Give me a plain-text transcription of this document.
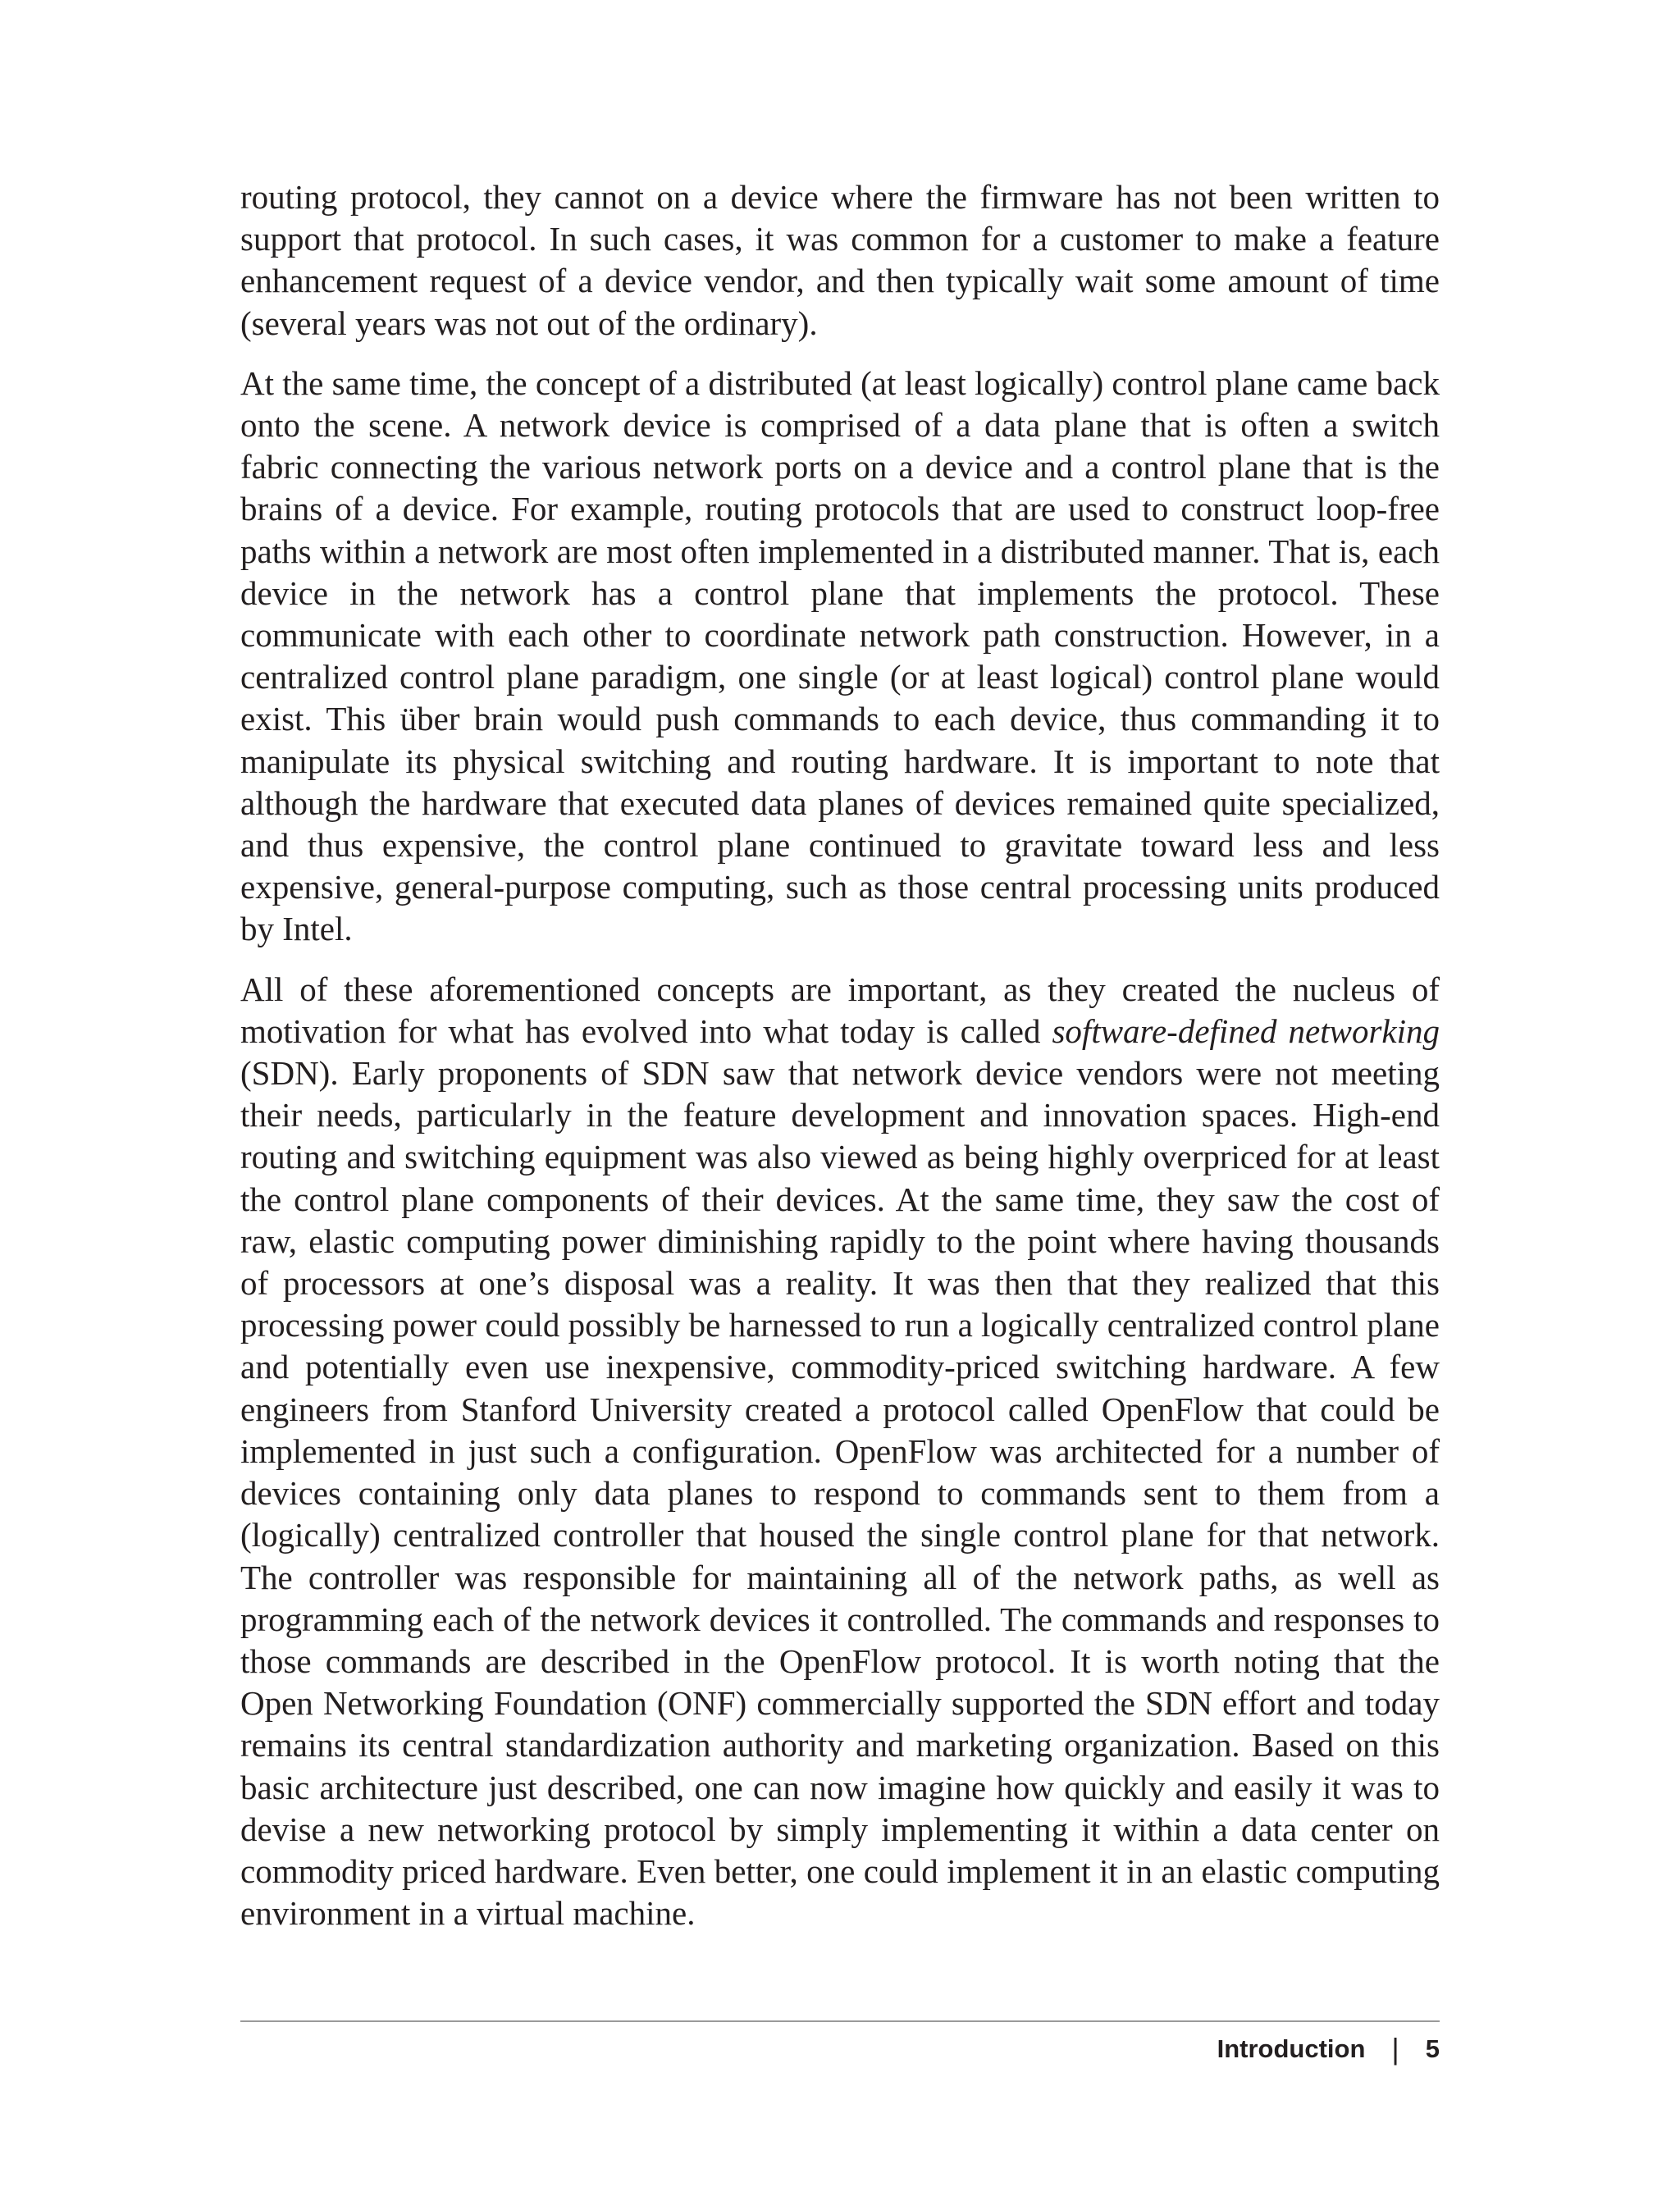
routing protocol, they cannot on a device where the firmware has not been written to support that protocol. In such cases, it was common for a customer to make a feature enhancement request of a device vendor, and then typically wait some amount of time (several years was not out of the ordinary).

At the same time, the concept of a distributed (at least logically) control plane came back onto the scene. A network device is comprised of a data plane that is often a switch fabric connecting the various network ports on a device and a control plane that is the brains of a device. For example, routing protocols that are used to construct loop-free paths within a network are most often implemented in a distributed manner. That is, each device in the network has a control plane that implements the protocol. These communicate with each other to coordinate network path construction. However, in a centralized control plane paradigm, one single (or at least logical) control plane would exist. This über brain would push commands to each device, thus commanding it to manipulate its physical switching and routing hardware. It is important to note that although the hardware that executed data planes of devices remained quite specialized, and thus expensive, the control plane continued to gravitate toward less and less expensive, general-purpose computing, such as those central processing units produced by Intel.

All of these aforementioned concepts are important, as they created the nucleus of motivation for what has evolved into what today is called software-defined networking (SDN). Early proponents of SDN saw that network device vendors were not meeting their needs, particularly in the feature development and innovation spaces. High-end routing and switching equipment was also viewed as being highly overpriced for at least the control plane components of their devices. At the same time, they saw the cost of raw, elastic computing power diminishing rapidly to the point where having thousands of processors at one’s disposal was a reality. It was then that they realized that this processing power could possibly be harnessed to run a logically centralized control plane and potentially even use inexpensive, commodity-priced switching hardware. A few engineers from Stanford University created a protocol called OpenFlow that could be implemented in just such a configuration. OpenFlow was architected for a number of devices containing only data planes to respond to commands sent to them from a (logically) centralized controller that housed the single control plane for that network. The controller was responsible for maintaining all of the network paths, as well as programming each of the network devices it controlled. The commands and responses to those commands are described in the OpenFlow protocol. It is worth noting that the Open Networking Foundation (ONF) commercially supported the SDN effort and today remains its central standardization authority and marketing organization. Based on this basic architecture just described, one can now imagine how quickly and easily it was to devise a new networking protocol by simply implementing it within a data center on commodity priced hardware. Even better, one could implement it in an elastic computing environment in a virtual machine.

Introduction | 5
